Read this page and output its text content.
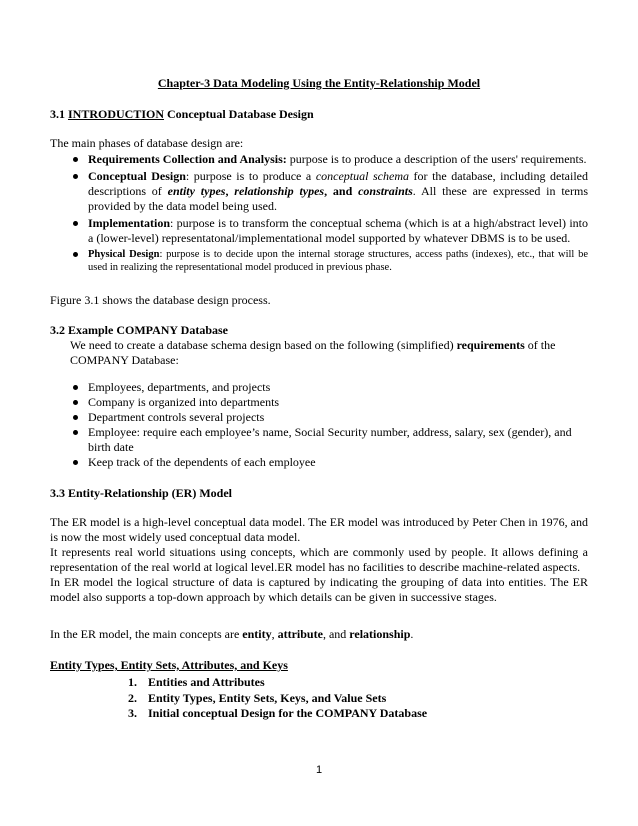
Chapter-3 Data Modeling Using the Entity-Relationship Model
3.1 INTRODUCTION Conceptual Database Design
The main phases of database design are:
Requirements Collection and Analysis: purpose is to produce a description of the users' requirements.
Conceptual Design: purpose is to produce a conceptual schema for the database, including detailed descriptions of entity types, relationship types, and constraints. All these are expressed in terms provided by the data model being used.
Implementation: purpose is to transform the conceptual schema (which is at a high/abstract level) into a (lower-level) representatonal/implementational model supported by whatever DBMS is to be used.
Physical Design: purpose is to decide upon the internal storage structures, access paths (indexes), etc., that will be used in realizing the representational model produced in previous phase.
Figure 3.1 shows the database design process.
3.2 Example COMPANY Database
We need to create a database schema design based on the following (simplified) requirements of the COMPANY Database:
Employees, departments, and projects
Company is organized into departments
Department controls several projects
Employee: require each employee’s name, Social Security number, address, salary, sex (gender), and birth date
Keep track of the dependents of each employee
3.3 Entity-Relationship (ER) Model

The ER model is a high-level conceptual data model. The ER model was introduced by Peter Chen in 1976, and is now the most widely used conceptual data model.

It represents real world situations using concepts, which are commonly used by people. It allows defining a representation of the real world at logical level.ER model has no facilities to describe machine-related aspects.

In ER model the logical structure of data is captured by indicating the grouping of data into entities. The ER model also supports a top-down approach by which details can be given in successive stages.

In the ER model, the main concepts are entity, attribute, and relationship.
Entity Types, Entity Sets, Attributes, and Keys
1. Entities and Attributes
2. Entity Types, Entity Sets, Keys, and Value Sets
3. Initial conceptual Design for the COMPANY Database
1
